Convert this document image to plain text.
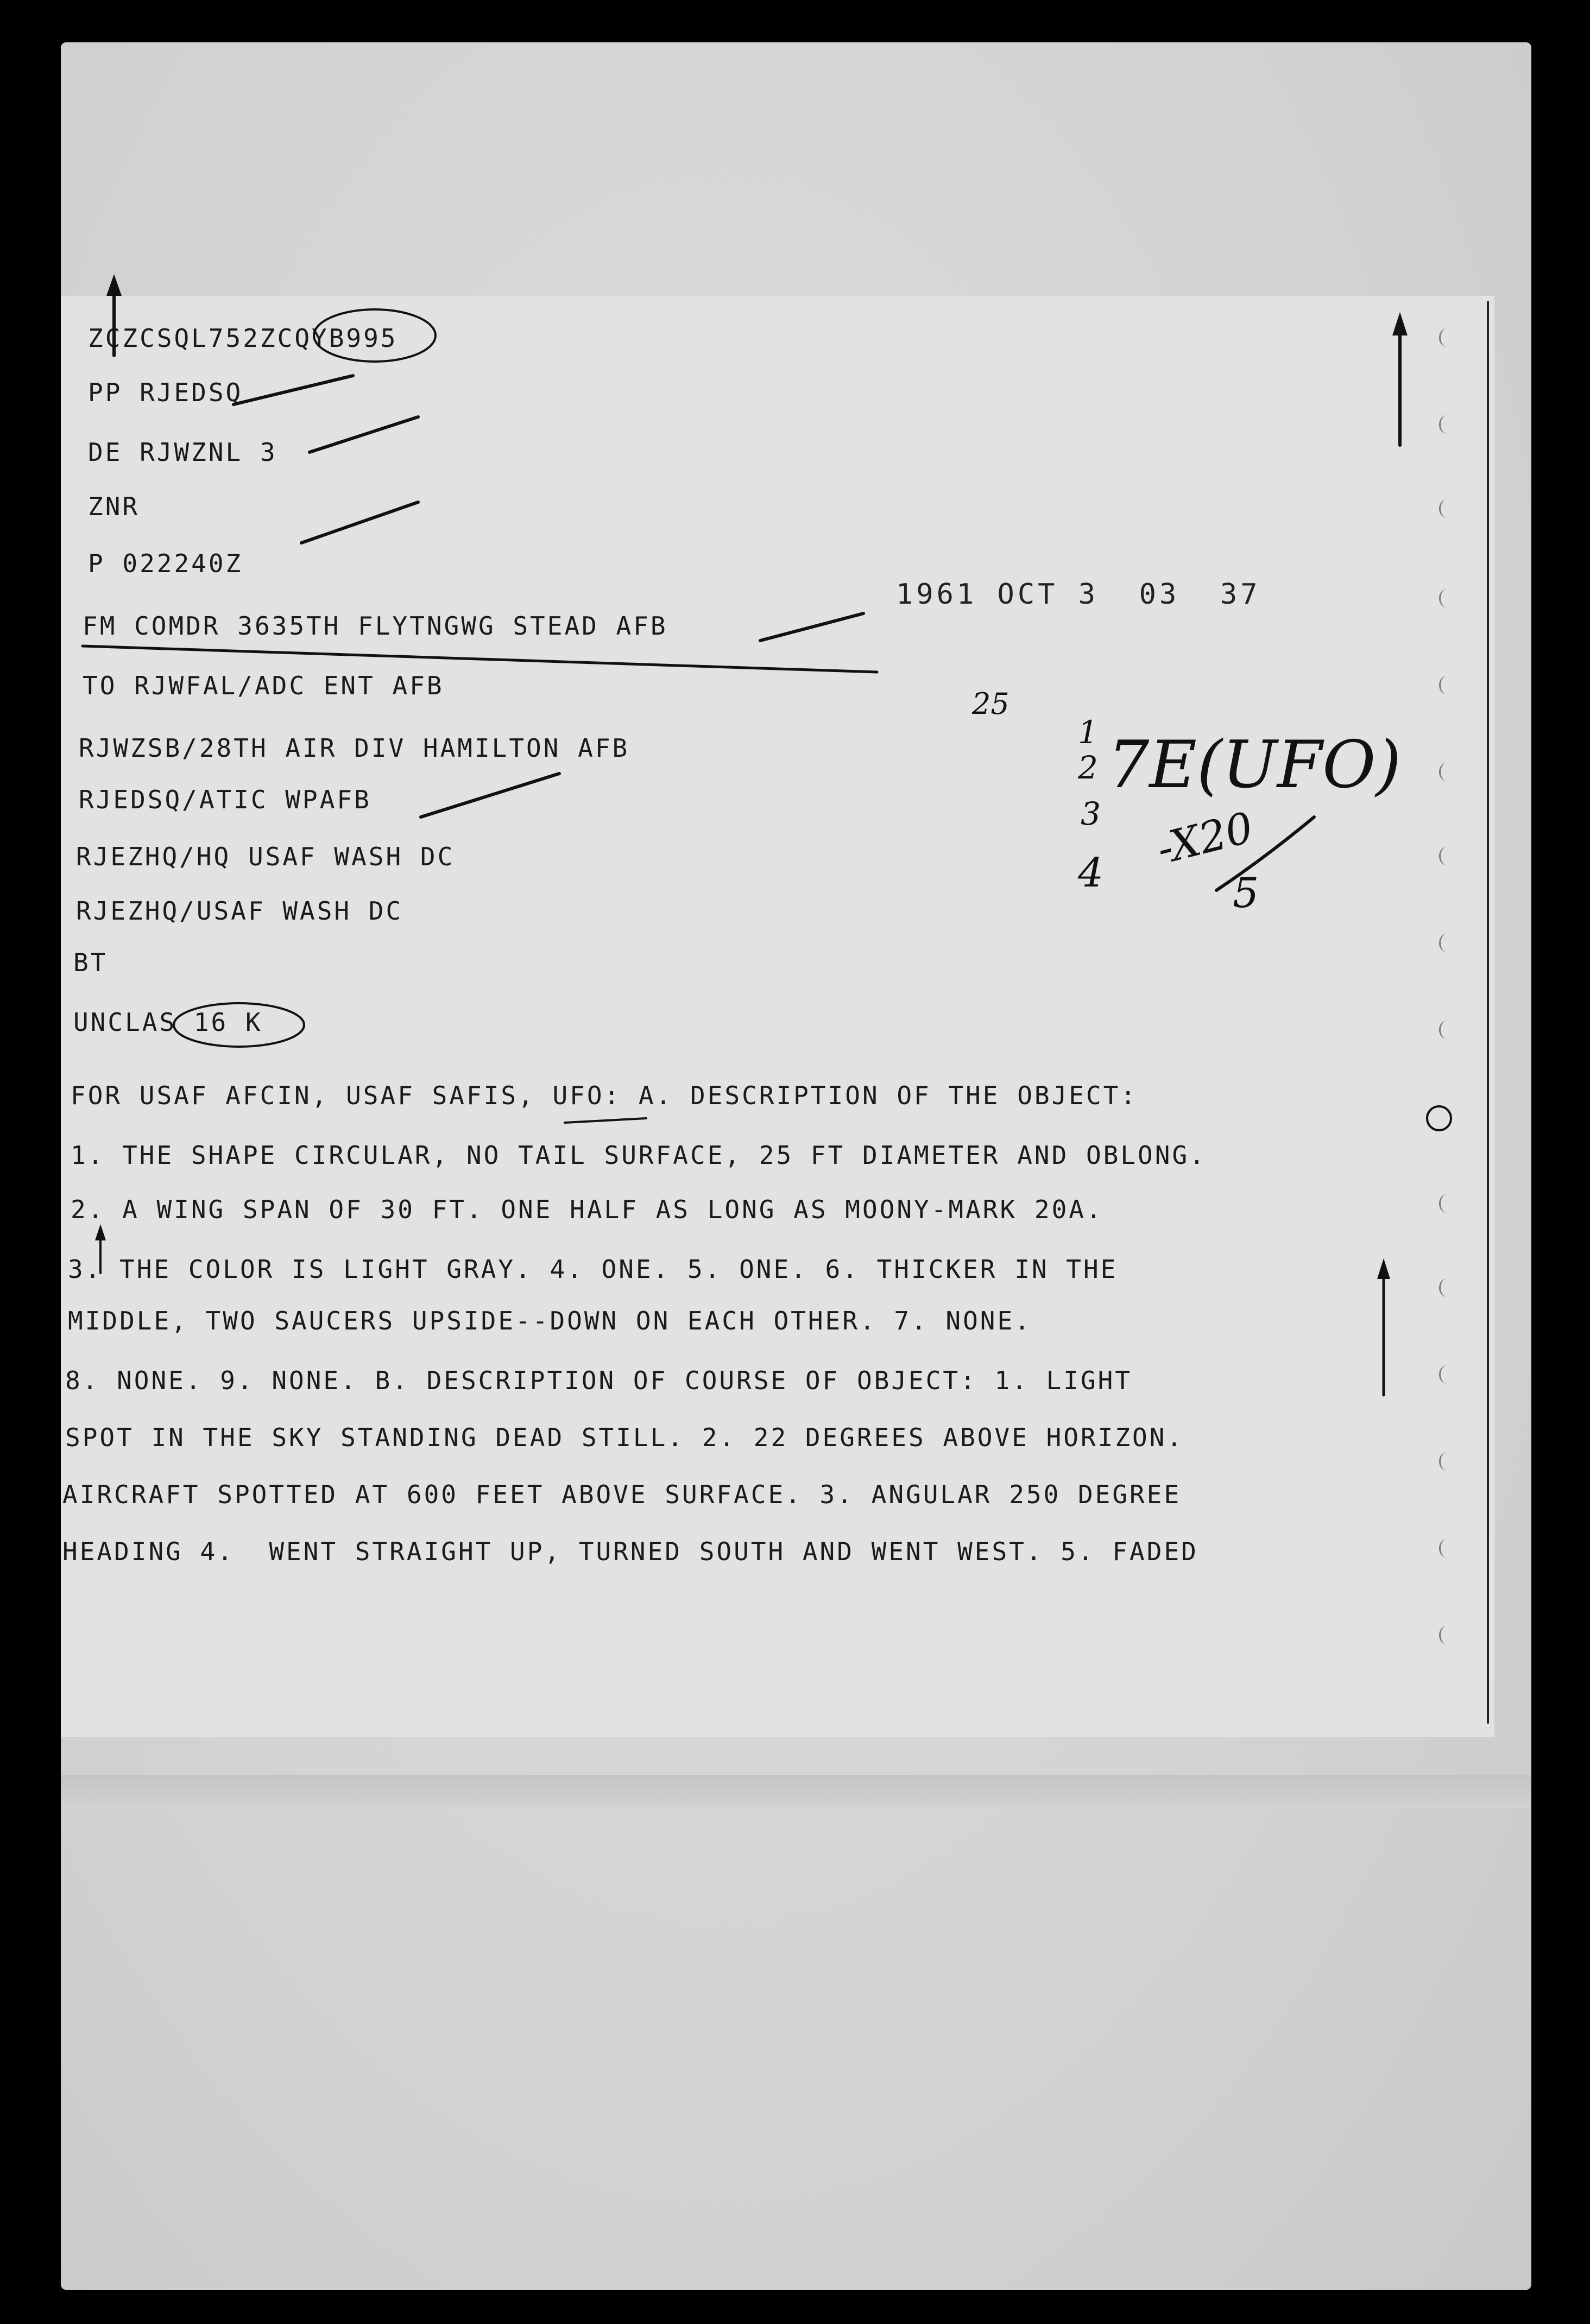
ZCZCSQL752ZCQYB995
PP RJEDSQ
DE RJWZNL 3
ZNR
P 022240Z
FM COMDR 3635TH FLYTNGWG STEAD AFB
TO RJWFAL/ADC ENT AFB
RJWZSB/28TH AIR DIV HAMILTON AFB
RJEDSQ/ATIC WPAFB
RJEZHQ/HQ USAF WASH DC
RJEZHQ/USAF WASH DC
BT
UNCLAS 16 K
FOR USAF AFCIN, USAF SAFIS, UFO: A. DESCRIPTION OF THE OBJECT:
1. THE SHAPE CIRCULAR, NO TAIL SURFACE, 25 FT DIAMETER AND OBLONG.
2. A WING SPAN OF 30 FT. ONE HALF AS LONG AS MOONY-MARK 20A.
3. THE COLOR IS LIGHT GRAY. 4. ONE. 5. ONE. 6. THICKER IN THE
MIDDLE, TWO SAUCERS UPSIDE--DOWN ON EACH OTHER. 7. NONE.
8. NONE. 9. NONE. B. DESCRIPTION OF COURSE OF OBJECT: 1. LIGHT
SPOT IN THE SKY STANDING DEAD STILL. 2. 22 DEGREES ABOVE HORIZON.
AIRCRAFT SPOTTED AT 600 FEET ABOVE SURFACE. 3. ANGULAR 250 DEGREE
HEADING 4.  WENT STRAIGHT UP, TURNED SOUTH AND WENT WEST. 5. FADED
1961 OCT 3  03  37
25
1
2
3
4
7E(UFO)
-X20
5
